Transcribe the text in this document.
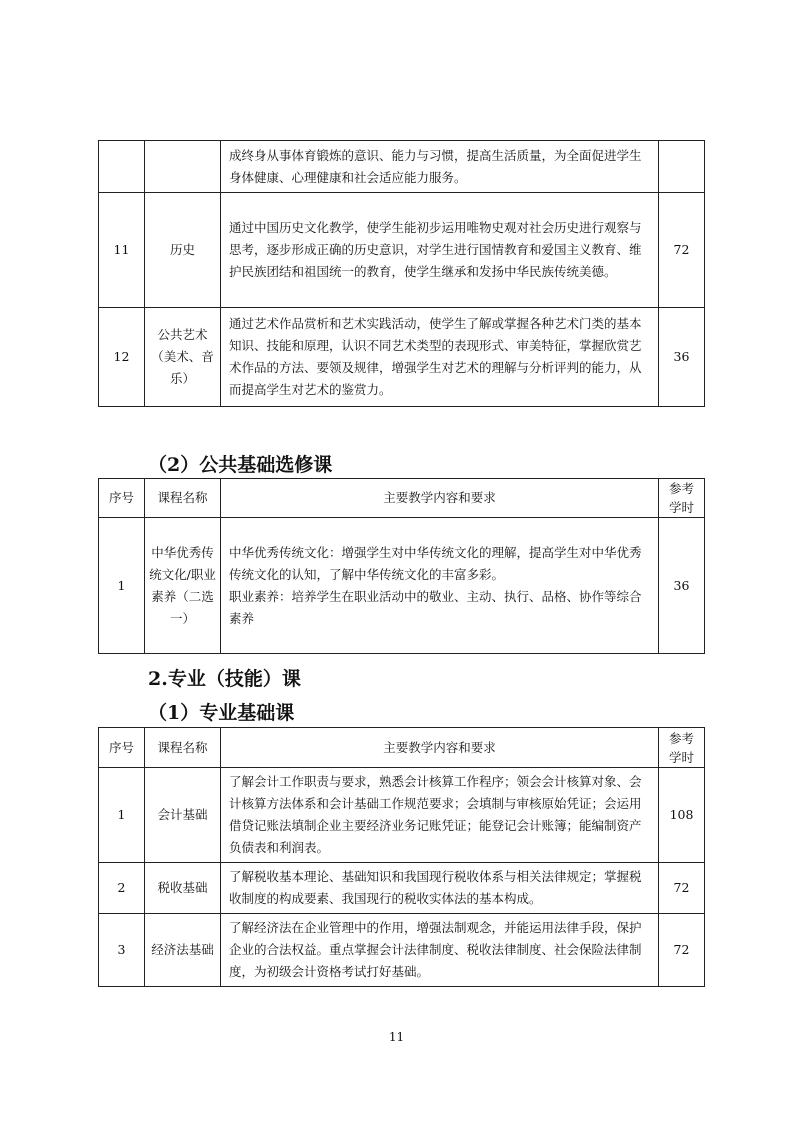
		成终身从事体育锻炼的意识、能力与习惯，提高生活质量，为全面促进学生身体健康、心理健康和社会适应能力服务。	
11	历史	通过中国历史文化教学，使学生能初步运用唯物史观对社会历史进行观察与思考，逐步形成正确的历史意识，对学生进行国情教育和爱国主义教育、维护民族团结和祖国统一的教育，使学生继承和发扬中华民族传统美德。	72
12	公共艺术（美术、音乐）	通过艺术作品赏析和艺术实践活动，使学生了解或掌握各种艺术门类的基本知识、技能和原理，认识不同艺术类型的表现形式、审美特征，掌握欣赏艺术作品的方法、要领及规律，增强学生对艺术的理解与分析评判的能力，从而提高学生对艺术的鉴赏力。	36
（2）公共基础选修课
序号	课程名称	主要教学内容和要求	参考学时

1	中华优秀传统文化/职业素养（二选一）	中华优秀传统文化：增强学生对中华传统文化的理解，提高学生对中华优秀传统文化的认知，了解中华传统文化的丰富多彩。
职业素养：培养学生在职业活动中的敬业、主动、执行、品格、协作等综合素养	36
2.专业（技能）课
（1）专业基础课
序号	课程名称	主要教学内容和要求	参考学时

1	会计基础	了解会计工作职责与要求，熟悉会计核算工作程序；领会会计核算对象、会计核算方法体系和会计基础工作规范要求；会填制与审核原始凭证；会运用借贷记账法填制企业主要经济业务记账凭证；能登记会计账簿；能编制资产负债表和利润表。	108
2	税收基础	了解税收基本理论、基础知识和我国现行税收体系与相关法律规定；掌握税收制度的构成要素、我国现行的税收实体法的基本构成。	72
3	经济法基础	了解经济法在企业管理中的作用，增强法制观念，并能运用法律手段，保护企业的合法权益。重点掌握会计法律制度、税收法律制度、社会保险法律制度，为初级会计资格考试打好基础。	72
11
